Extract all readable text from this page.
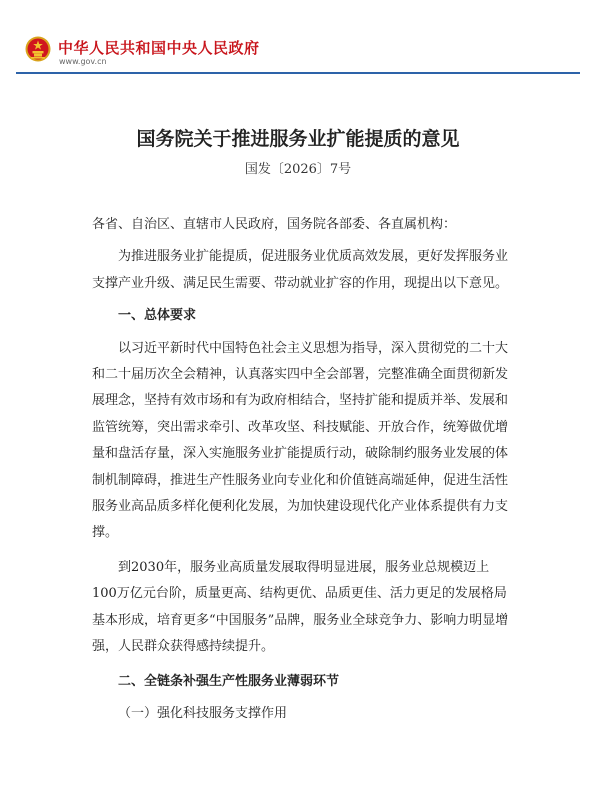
中华人民共和国中央人民政府
www.gov.cn
国务院关于推进服务业扩能提质的意见
国发〔2026〕7号

各省、自治区、直辖市人民政府，国务院各部委、各直属机构：

为推进服务业扩能提质，促进服务业优质高效发展，更好发挥服务业支撑产业升级、满足民生需要、带动就业扩容的作用，现提出以下意见。

一、总体要求

以习近平新时代中国特色社会主义思想为指导，深入贯彻党的二十大和二十届历次全会精神，认真落实四中全会部署，完整准确全面贯彻新发展理念，坚持有效市场和有为政府相结合，坚持扩能和提质并举、发展和监管统筹，突出需求牵引、改革攻坚、科技赋能、开放合作，统筹做优增量和盘活存量，深入实施服务业扩能提质行动，破除制约服务业发展的体制机制障碍，推进生产性服务业向专业化和价值链高端延伸，促进生活性服务业高品质多样化便利化发展，为加快建设现代化产业体系提供有力支撑。

到2030年，服务业高质量发展取得明显进展，服务业总规模迈上100万亿元台阶，质量更高、结构更优、品质更佳、活力更足的发展格局基本形成，培育更多“中国服务”品牌，服务业全球竞争力、影响力明显增强，人民群众获得感持续提升。

二、全链条补强生产性服务业薄弱环节

（一）强化科技服务支撑作用
